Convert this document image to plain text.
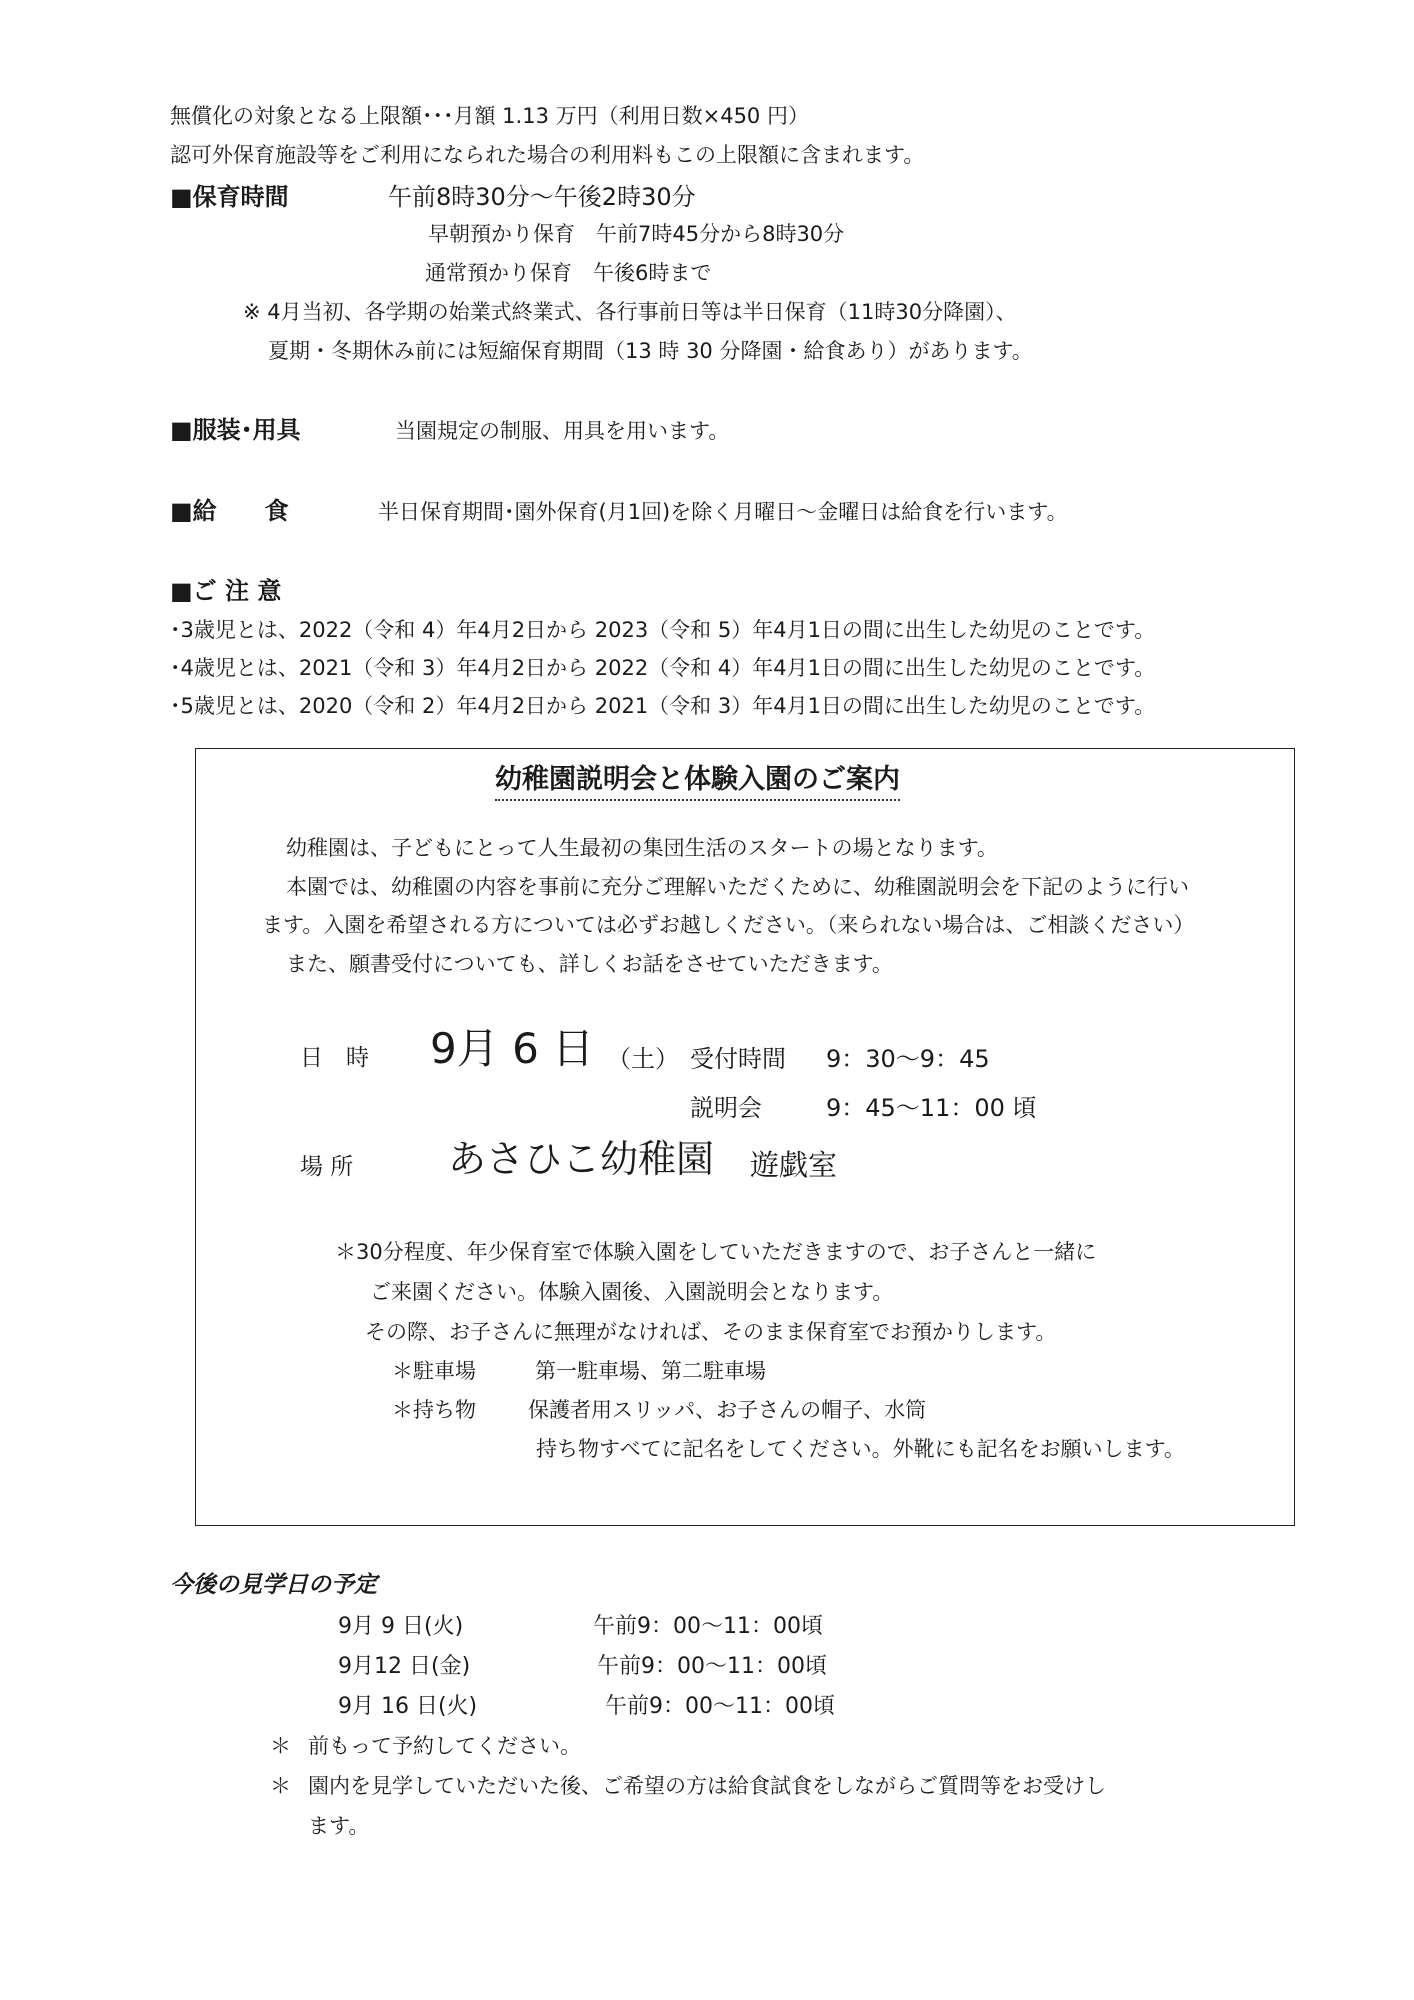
無償化の対象となる上限額･･･月額 1.13 万円（利用日数×450 円）
認可外保育施設等をご利用になられた場合の利用料もこの上限額に含まれます。
■保育時間	午前8時30分～午後2時30分
早朝預かり保育　午前7時45分から8時30分
通常預かり保育　午後6時まで
※ 4月当初、各学期の始業式終業式、各行事前日等は半日保育（11時30分降園）、
夏期・冬期休み前には短縮保育期間（13 時 30 分降園・給食あり）があります。
■服装･用具	当園規定の制服、用具を用います。
■給　　食	半日保育期間･園外保育(月1回)を除く月曜日～金曜日は給食を行います。
■ご 注 意
･3歳児とは、2022（令和 4）年4月2日から 2023（令和 5）年4月1日の間に出生した幼児のことです。
･4歳児とは、2021（令和 3）年4月2日から 2022（令和 4）年4月1日の間に出生した幼児のことです。
･5歳児とは、2020（令和 2）年4月2日から 2021（令和 3）年4月1日の間に出生した幼児のことです。
幼稚園説明会と体験入園のご案内
幼稚園は、子どもにとって人生最初の集団生活のスタートの場となります。
本園では、幼稚園の内容を事前に充分ご理解いただくために、幼稚園説明会を下記のように行い
ます。入園を希望される方については必ずお越しください。（来られない場合は、ご相談ください）
また、願書受付についても、詳しくお話をさせていただきます。
日　時 9月 6 日 （土） 受付時間 9：30～9：45
説明会	9：45～11：00 頃
場 所 あさひこ幼稚園 遊戯室
＊30分程度、年少保育室で体験入園をしていただきますので、お子さんと一緒に
ご来園ください。体験入園後、入園説明会となります。
その際、お子さんに無理がなければ、そのまま保育室でお預かりします。
＊駐車場	第一駐車場、第二駐車場
＊持ち物 保護者用スリッパ、お子さんの帽子、水筒
持ち物すべてに記名をしてください。外靴にも記名をお願いします。
今後の見学日の予定
9月 9 日(火)	午前9：00～11：00頃
9月12 日(金)	午前9：00～11：00頃
9月 16 日(火)	午前9：00～11：00頃
＊ 前もって予約してください。
＊ 園内を見学していただいた後、ご希望の方は給食試食をしながらご質問等をお受けし
ます。
